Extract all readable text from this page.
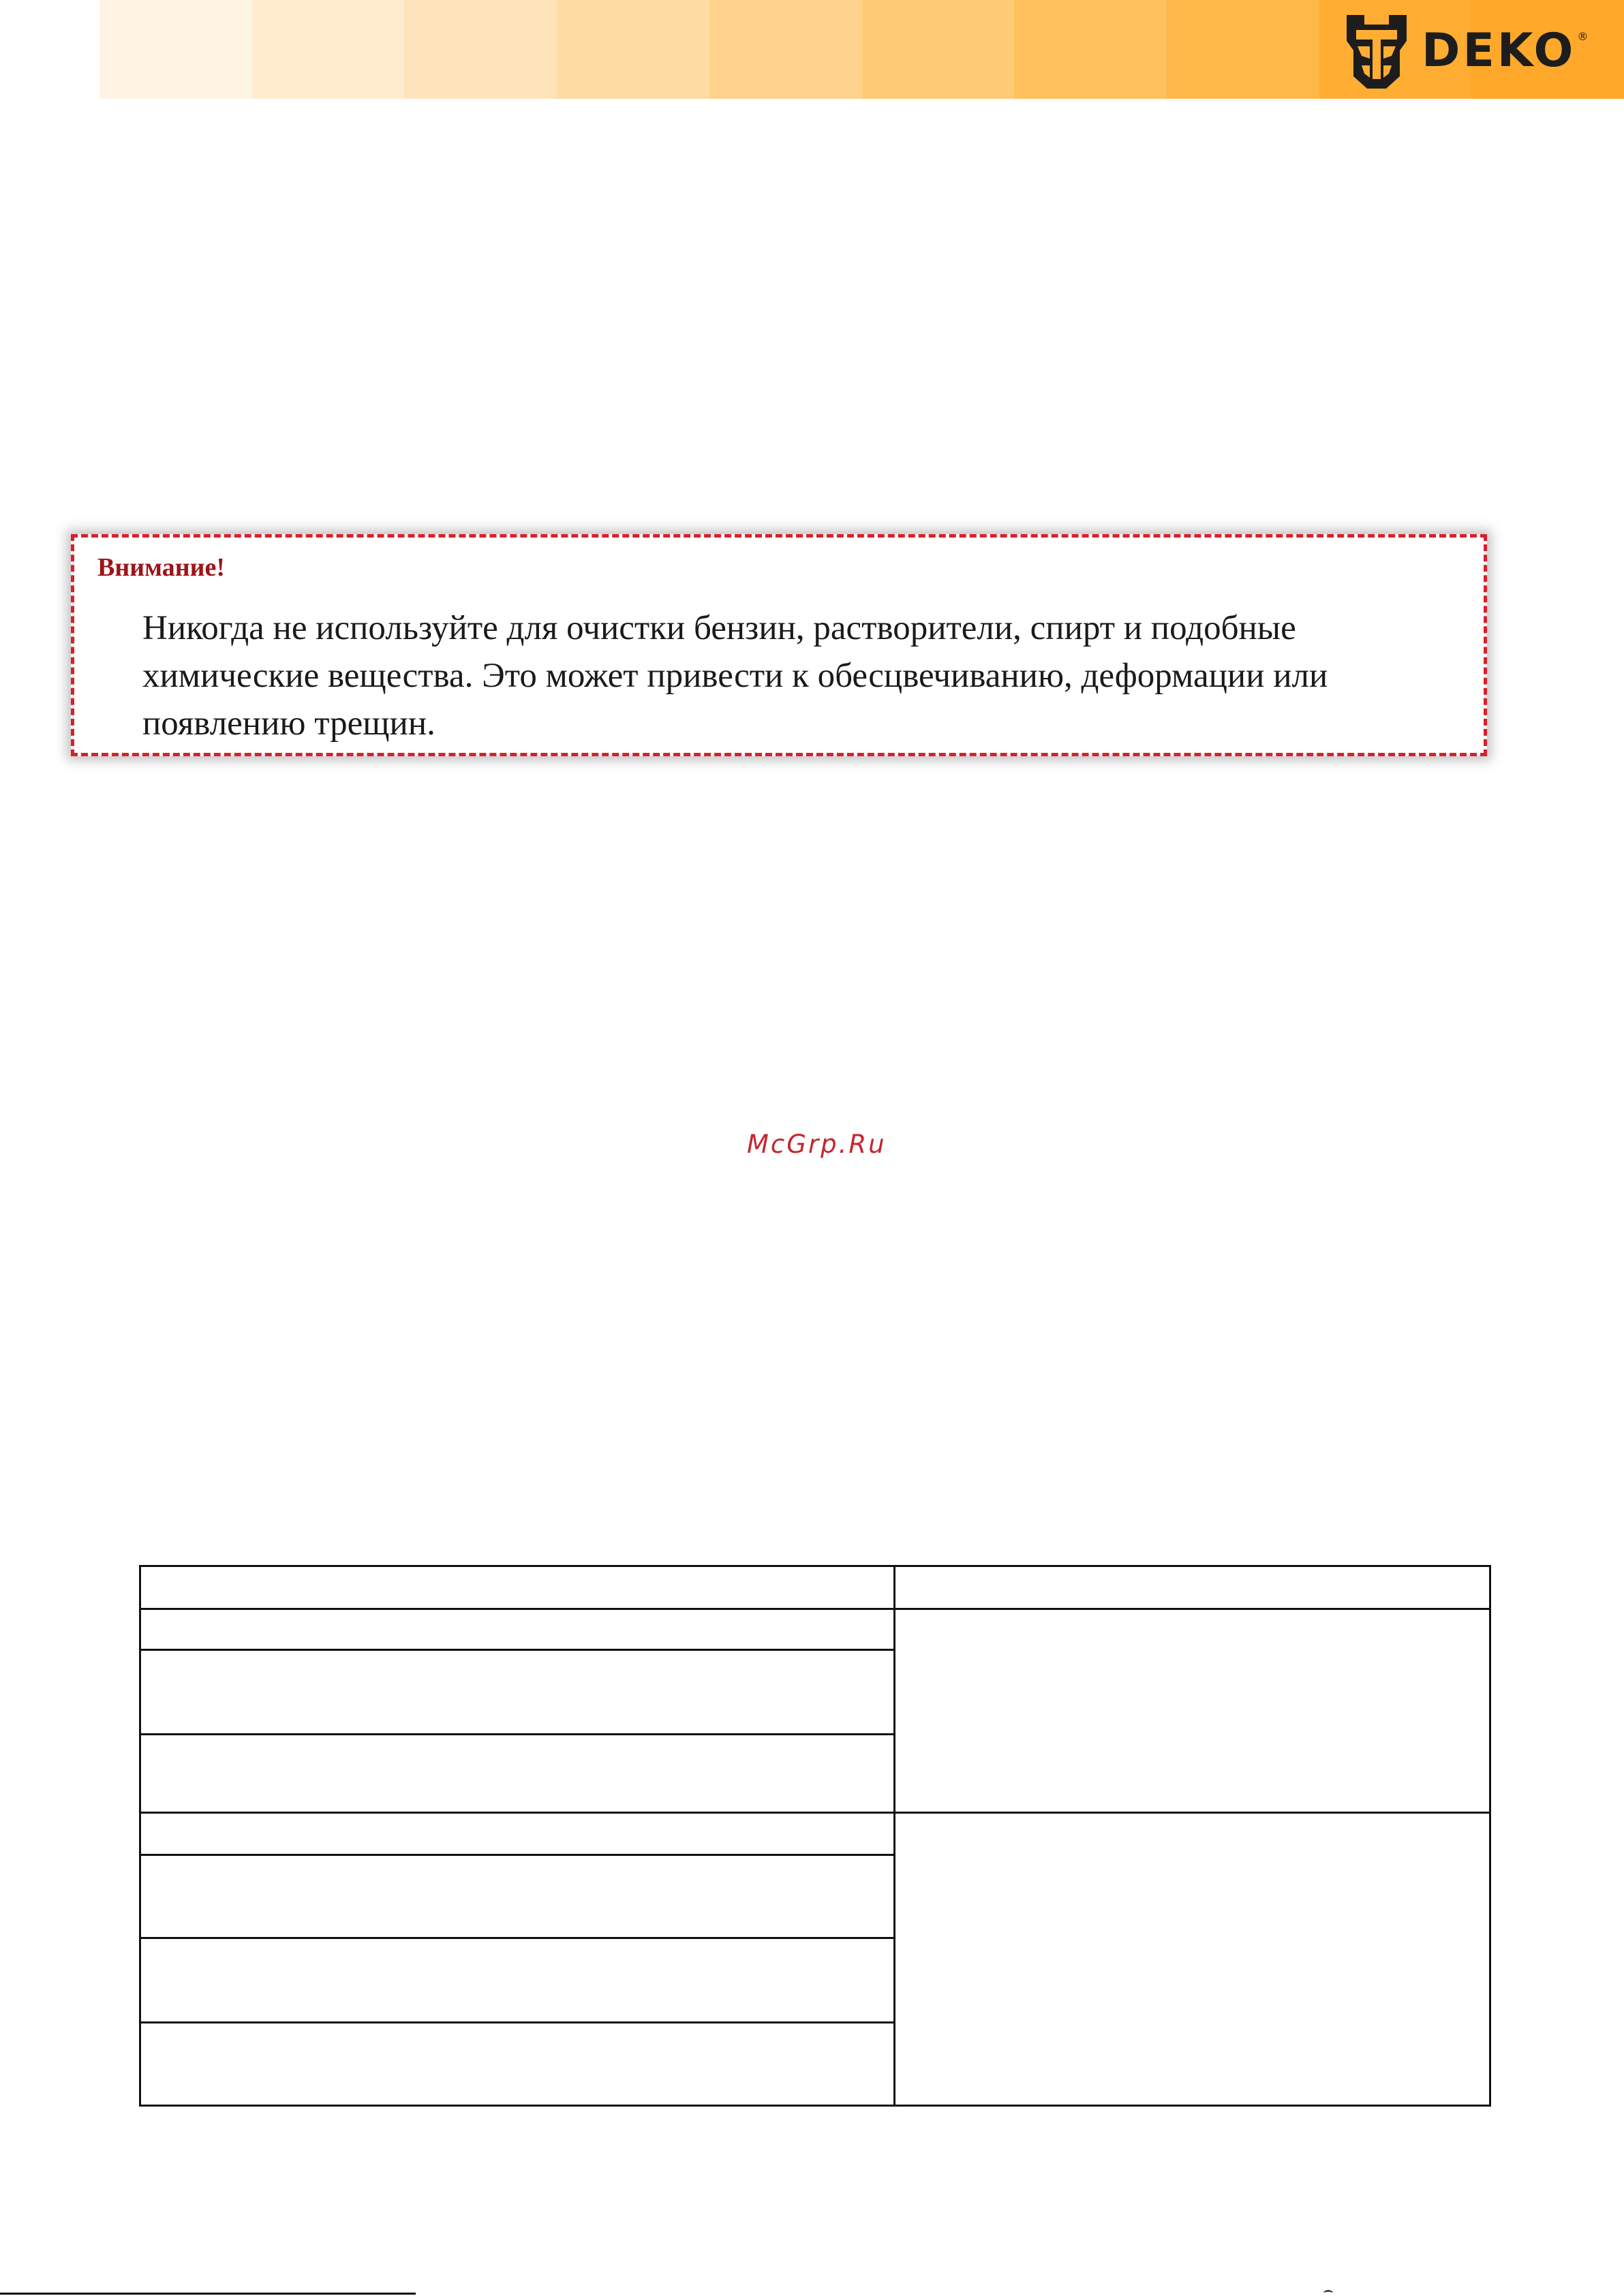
DEKO ®
Внимание!
Никогда не используйте для очистки бензин, растворители, спирт и подобные химические вещества. Это может привести к обесцвечиванию, деформации или появлению трещин.
McGrp.Ru
